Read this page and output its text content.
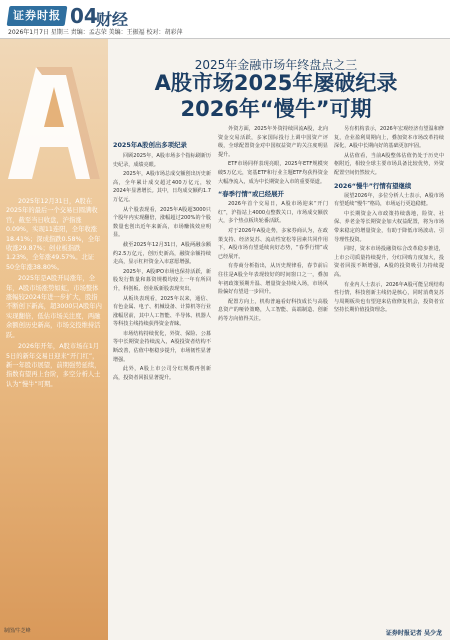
证券时报 04
财经
2026年1月7日 星期三 责编：孟志荣 美编：王振福 校对：胡彩萍

2025年12月31日，A股在2025年的最后一个交易日圆满收官，截至当日收盘，沪指涨0.09%，实现11连阳，全年收涨18.41%；深成指跌0.58%，全年收涨29.87%；创业板指跌1.23%，全年涨49.57%。北证50全年涨38.80%。

2025年是A股开局涨年，全年，A股市场涨势如虹，市场整体涨幅较2024年进一步扩大，股指不断创下新高，超3000只A股年内实现翻倍，低估市场关注度，两融余额创历史新高，市场交投维持活跃。

2026年开年，A股市场在1月5日的新年交易日迎来“开门红”，新一年股市展望，前期强势延续，指数有望再上台阶，多空分析人士认为“慢牛”可期。

制图/牛芝峰
2025年金融市场年终盘点之三
A股市场2025年屡破纪录
2026年“慢牛”可期
2025年A股创出多项纪录

回顾2025年，A股市场多个指标刷新历史纪录，成绩亮眼。

2025年，A股市场总成交额创出历史新高，全年累计成交超过400万亿元，较2024年显著增长。其中，日均成交额约1.7万亿元。

从个股表现看，2025年A股超3000只个股年内实现翻倍，涨幅超过200%的个股数量也创出近年来新高，市场赚钱效应明显。

截至2025年12月31日，A股两融余额约2.5万亿元，创历史新高，融资余额持续走高，显示杠杆资金入市意愿增强。

2025年，A股IPO市场也保持活跃，新股发行数量和募资规模均较上一年有所回升，科创板、创业板新股表现突出。

从板块表现看，2025年以来，通信、有色金属、电子、机械设备、计算机等行业涨幅居前，其中人工智能、半导体、机器人等科技主线持续获得资金青睐。

市场结构持续优化，外资、保险、公募等中长期资金持续流入，A股投资者结构不断改善，估值中枢稳步提升，市场韧性显著增强。

此外，A股上市公司分红规模再创新高，投资者回报显著提升。

外资方面，2025年外资持续回流A股，北向资金交易活跃，多家国际投行上调中国资产评级，全球配置资金对中国权益资产的关注度明显提升。

ETF市场同样表现亮眼，2025年ETF规模突破5万亿元，宽基ETF和行业主题ETF均获得资金大幅净流入，成为中长期资金入市的重要渠道。

“春季行情”或已经展开

2026年首个交易日，A股市场迎来“开门红”，沪指站上4000点整数关口，市场成交额放大，多个热点板块轮番活跃。

对于2026年A股走势，多家券商认为，在政策支持、经济复苏、流动性宽松等因素共同作用下，A股市场有望延续向好态势，“春季行情”或已经展开。

有券商分析指出，从历史规律看，春节前后往往是A股全年表现较好的时间窗口之一，叠加年初政策预期升温、增量资金持续入场，市场风险偏好有望进一步回升。

配置方向上，机构普遍看好科技成长与高股息资产的哑铃策略，人工智能、高端制造、创新药等方向值得关注。

另有机构表示，2026年宏观经济有望温和修复，企业盈利周期向上，叠加资本市场改革持续深化，A股中长期向好的基础更加牢固。

从估值看，当前A股整体估值仍处于历史中枢附近，相较全球主要市场具备比较优势，外资配置空间仍然较大。

2026“慢牛”行情有望继续

展望2026年，多位分析人士表示，A股市场有望延续“慢牛”格局，市场运行更趋稳健。

中长期资金入市政策持续落地，险资、社保、养老金等长期资金加大权益配置，将为市场带来稳定的增量资金，有助于降低市场波动、引导理性投资。

同时，资本市场投融资综合改革稳步推进，上市公司质量持续提升，分红回购力度加大，投资者回报不断增强，A股的投资吸引力持续提高。

有业内人士表示，2026年A股可能呈现结构性行情，科技创新主线仍是核心，同时消费复苏与周期板块也有望迎来估值修复机会，投资者宜坚持长期价值投资理念。

证券时报记者 吴少龙
